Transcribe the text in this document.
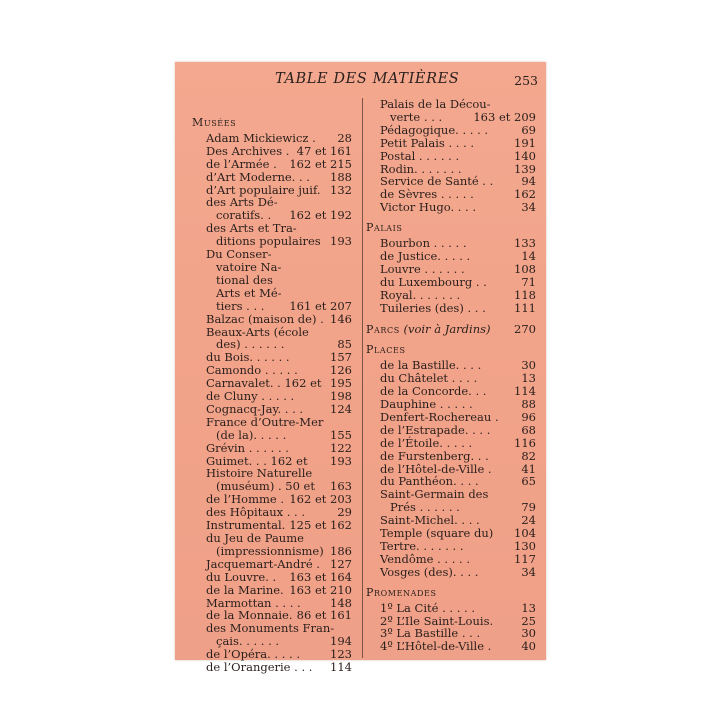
TABLE DES MATIÈRES	253
Musées
Adam Mickiewicz . 28
Des Archives . 47 et 161
de l’Armée . 162 et 215
d’Art Moderne. . . 188
d’Art populaire juif. 132
des Arts Dé-
coratifs. . 162 et 192
des Arts et Tra-
ditions populaires 193
Du Conser-
vatoire Na-
tional des
Arts et Mé-
tiers . . . 161 et 207
Balzac (maison de) . 146
Beaux-Arts (école
des) . . . . . .	85
du Bois. . . . . .	157
Camondo . . . . .	126
Carnavalet. . 162 et 195
de Cluny . . . . .	198
Cognacq-Jay. . . . 124
France d’Outre-Mer
(de la). . . . .	155
Grévin . . . . . .	122
Guimet. . . 162 et 193
Histoire Naturelle
(muséum) . 50 et 163
de l’Homme . 162 et 203
des Hôpitaux . . .	29
Instrumental. 125 et 162
du Jeu de Paume
(impressionnisme) 186
Jacquemart-André . 127
du Louvre. . 163 et 164
de la Marine. 163 et 210
Marmottan . . . .	148
de la Monnaie. 86 et 161
des Monuments Fran-
çais. . . . . .	194
de l’Opéra. . . . .	123
de l’Orangerie . . . 114
Palais de la Décou-
verte . . .	163 et 209
Pédagogique. . . . .	69
Petit Palais . . . .	191
Postal . . . . . .	140
Rodin. . . . . . .	139
Service de Santé . . 94
de Sèvres . . . . .	162
Victor Hugo. . . .	34
Palais
Bourbon . . . . .	133
de Justice. . . . .	14
Louvre . . . . . .	108
du Luxembourg . .	71
Royal. . . . . . .	118
Tuileries (des) . . . 111
Parcs (voir à Jardins) 270
Places
de la Bastille. . . .	30
du Châtelet . . . .	13
de la Concorde. . . 114
Dauphine . . . . .	88
Denfert-Rochereau . 96
de l’Estrapade. . . .	68
de l’Étoile. . . . .	116
de Furstenberg. . .	82
de l’Hôtel-de-Ville .	41
du Panthéon. . . .	65
Saint-Germain des
Prés . . . . . .	79
Saint-Michel. . . .	24
Temple (square du) 104
Tertre. . . . . . .	130
Vendôme . . . . .	117
Vosges (des). . . .	34
Promenades
1º La Cité . . . . .	13
2º L’Ile Saint-Louis. 25
3º La Bastille . . .	30
4º L’Hôtel-de-Ville .	40
